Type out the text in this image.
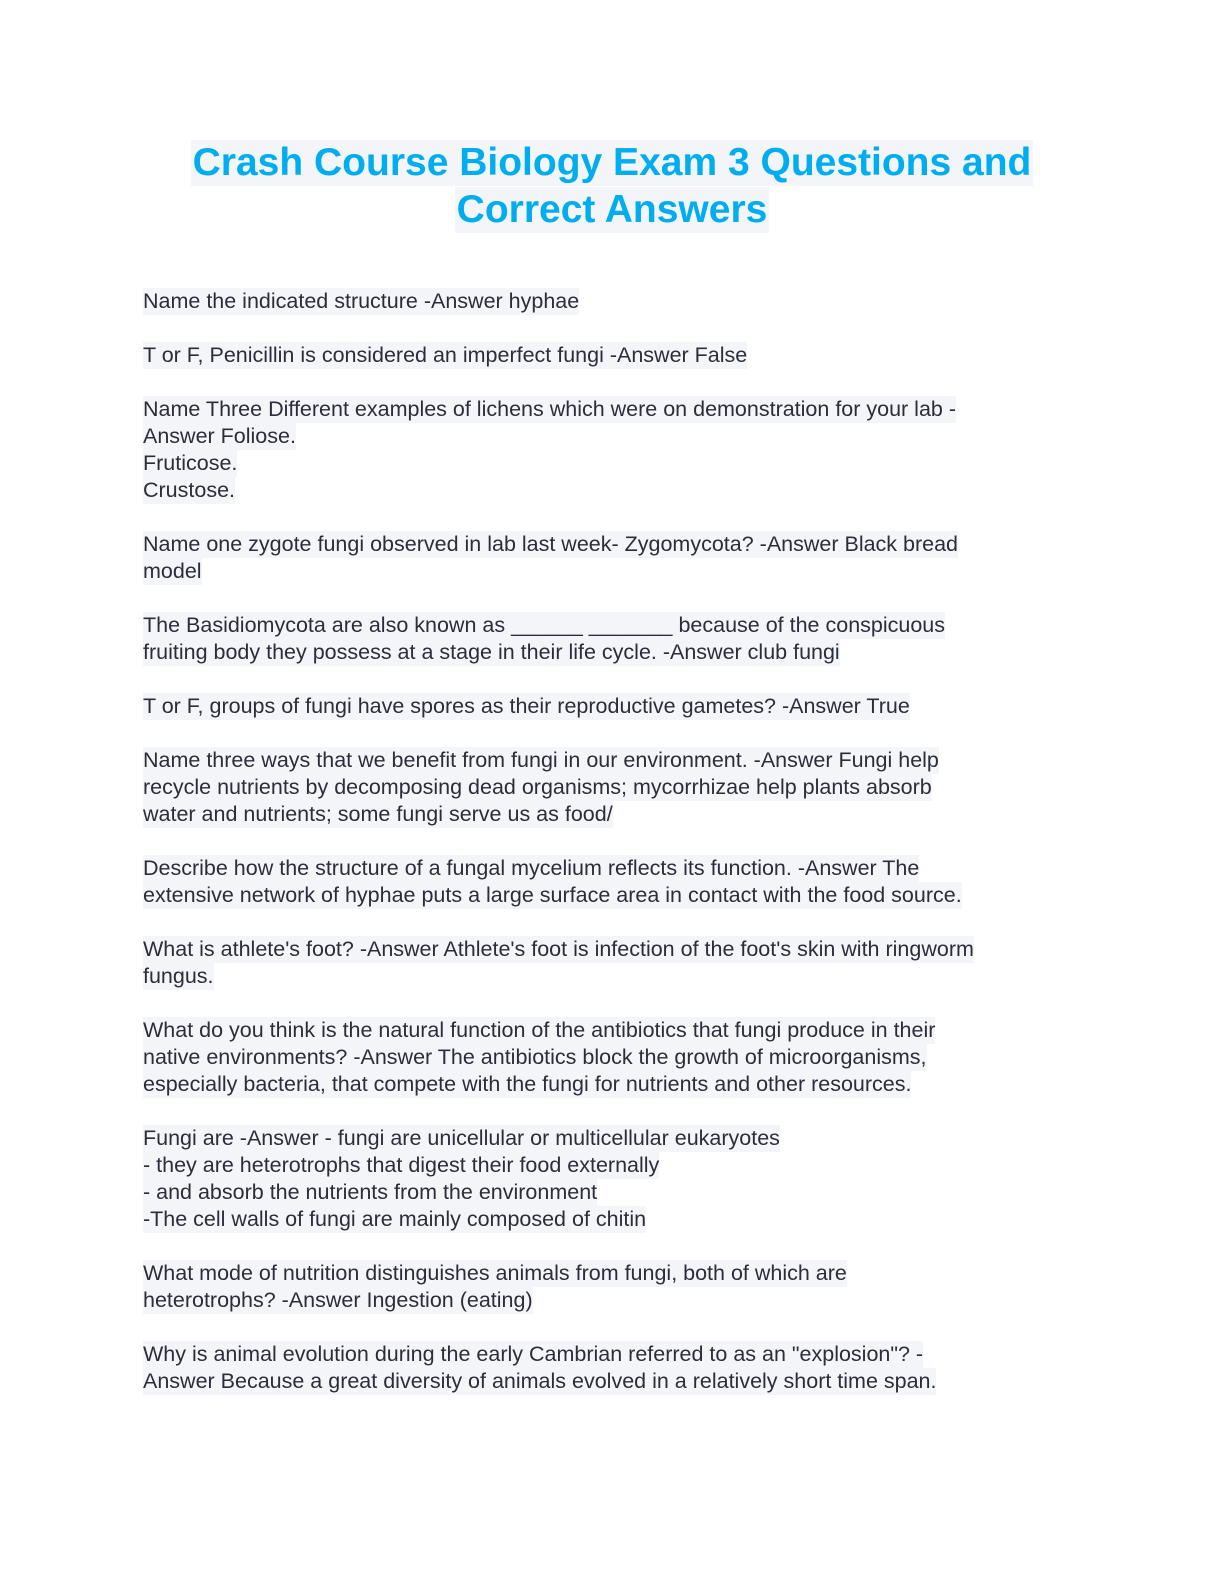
Crash Course Biology Exam 3 Questions and
Correct Answers
Name the indicated structure -Answer hyphae
T or F, Penicillin is considered an imperfect fungi -Answer False
Name Three Different examples of lichens which were on demonstration for your lab -
Answer Foliose.
Fruticose.
Crustose.
Name one zygote fungi observed in lab last week- Zygomycota? -Answer Black bread
model
The Basidiomycota are also known as ______ _______ because of the conspicuous
fruiting body they possess at a stage in their life cycle. -Answer club fungi
T or F, groups of fungi have spores as their reproductive gametes? -Answer True
Name three ways that we benefit from fungi in our environment. -Answer Fungi help
recycle nutrients by decomposing dead organisms; mycorrhizae help plants absorb
water and nutrients; some fungi serve us as food/
Describe how the structure of a fungal mycelium reflects its function. -Answer The
extensive network of hyphae puts a large surface area in contact with the food source.
What is athlete's foot? -Answer Athlete's foot is infection of the foot's skin with ringworm
fungus.
What do you think is the natural function of the antibiotics that fungi produce in their
native environments? -Answer The antibiotics block the growth of microorganisms,
especially bacteria, that compete with the fungi for nutrients and other resources.
Fungi are -Answer - fungi are unicellular or multicellular eukaryotes
- they are heterotrophs that digest their food externally
- and absorb the nutrients from the environment
-The cell walls of fungi are mainly composed of chitin
What mode of nutrition distinguishes animals from fungi, both of which are
heterotrophs? -Answer Ingestion (eating)
Why is animal evolution during the early Cambrian referred to as an "explosion"? -
Answer Because a great diversity of animals evolved in a relatively short time span.
